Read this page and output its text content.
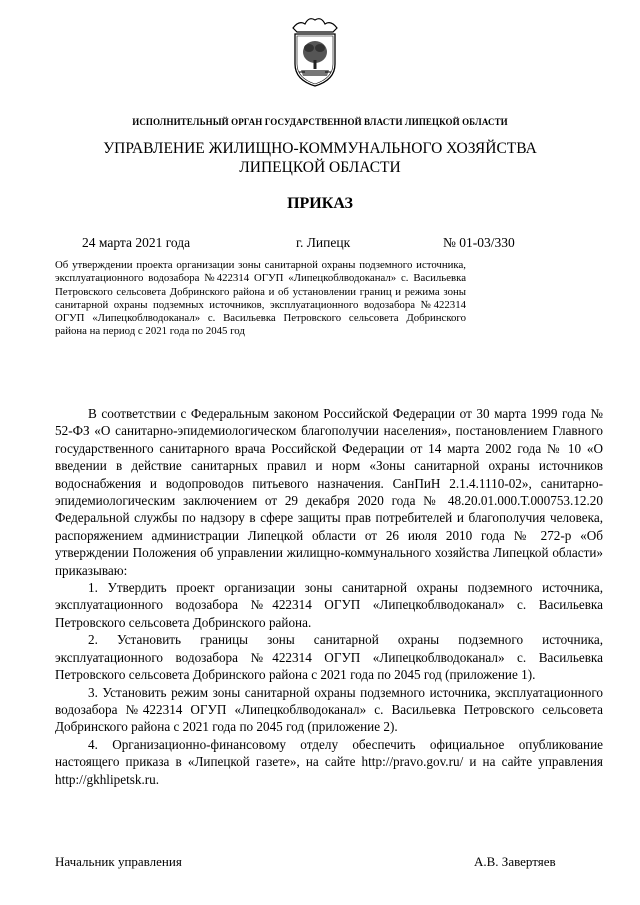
ИСПОЛНИТЕЛЬНЫЙ ОРГАН ГОСУДАРСТВЕННОЙ ВЛАСТИ ЛИПЕЦКОЙ ОБЛАСТИ
УПРАВЛЕНИЕ ЖИЛИЩНО-КОММУНАЛЬНОГО ХОЗЯЙСТВА
ЛИПЕЦКОЙ ОБЛАСТИ
ПРИКАЗ
24 марта 2021 года	г. Липецк	№ 01-03/330
Об утверждении проекта организации зоны санитарной охраны подземного источника, эксплуатационного водозабора №422314 ОГУП «Липецкоблводоканал» с. Васильевка Петровского сельсовета Добринского района и об установлении границ и режима зоны санитарной охраны подземных источников, эксплуатационного водозабора №422314 ОГУП «Липецкоблводоканал» с. Васильевка Петровского сельсовета Добринского района на период с 2021 года по 2045 год

В соответствии с Федеральным законом Российской Федерации от 30 марта 1999 года № 52-ФЗ «О санитарно-эпидемиологическом благополучии населения», постановлением Главного государственного санитарного врача Российской Федерации от 14 марта 2002 года № 10 «О введении в действие санитарных правил и норм «Зоны санитарной охраны источников водоснабжения и водопроводов питьевого назначения. СанПиН 2.1.4.1110-02», санитарно-эпидемиологическим заключением от 29 декабря 2020 года № 48.20.01.000.Т.000753.12.20 Федеральной службы по надзору в сфере защиты прав потребителей и благополучия человека, распоряжением администрации Липецкой области от 26 июля 2010 года № 272-р «Об утверждении Положения об управлении жилищно-коммунального хозяйства Липецкой области» приказываю:

1. Утвердить проект организации зоны санитарной охраны подземного источника, эксплуатационного водозабора №422314 ОГУП «Липецкоблводоканал» с. Васильевка Петровского сельсовета Добринского района.

2. Установить границы зоны санитарной охраны подземного источника, эксплуатационного водозабора №422314 ОГУП «Липецкоблводоканал» с. Васильевка Петровского сельсовета Добринского района с 2021 года по 2045 год (приложение 1).

3. Установить режим зоны санитарной охраны подземного источника, эксплуатационного водозабора №422314 ОГУП «Липецкоблводоканал» с. Васильевка Петровского сельсовета Добринского района с 2021 года по 2045 год (приложение 2).

4. Организационно-финансовому отделу обеспечить официальное опубликование настоящего приказа в «Липецкой газете», на сайте http://pravo.gov.ru/ и на сайте управления http://gkhlipetsk.ru.

Начальник управления	А.В. Завертяев
